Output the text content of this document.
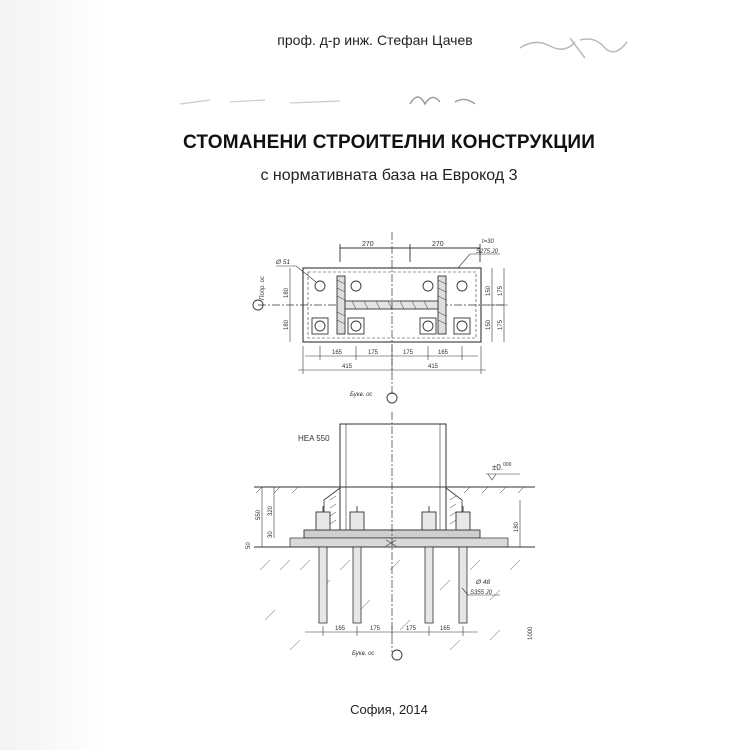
проф. д-р инж. Стефан Цачев
СТОМАНЕНИ СТРОИТЕЛНИ КОНСТРУКЦИИ
с нормативната база на Еврокод 3
270	270	t=30
S275 J0
Попр. ос
Ø 51
180
180
150 175
150 175
165	175	175	165
415	415
Букв. ос
HEA 550
±0.$^{000}$
Ø 48
S355 J0
550 320
30
50
180
165	175	175	165	1000
Букв. ос
София, 2014
